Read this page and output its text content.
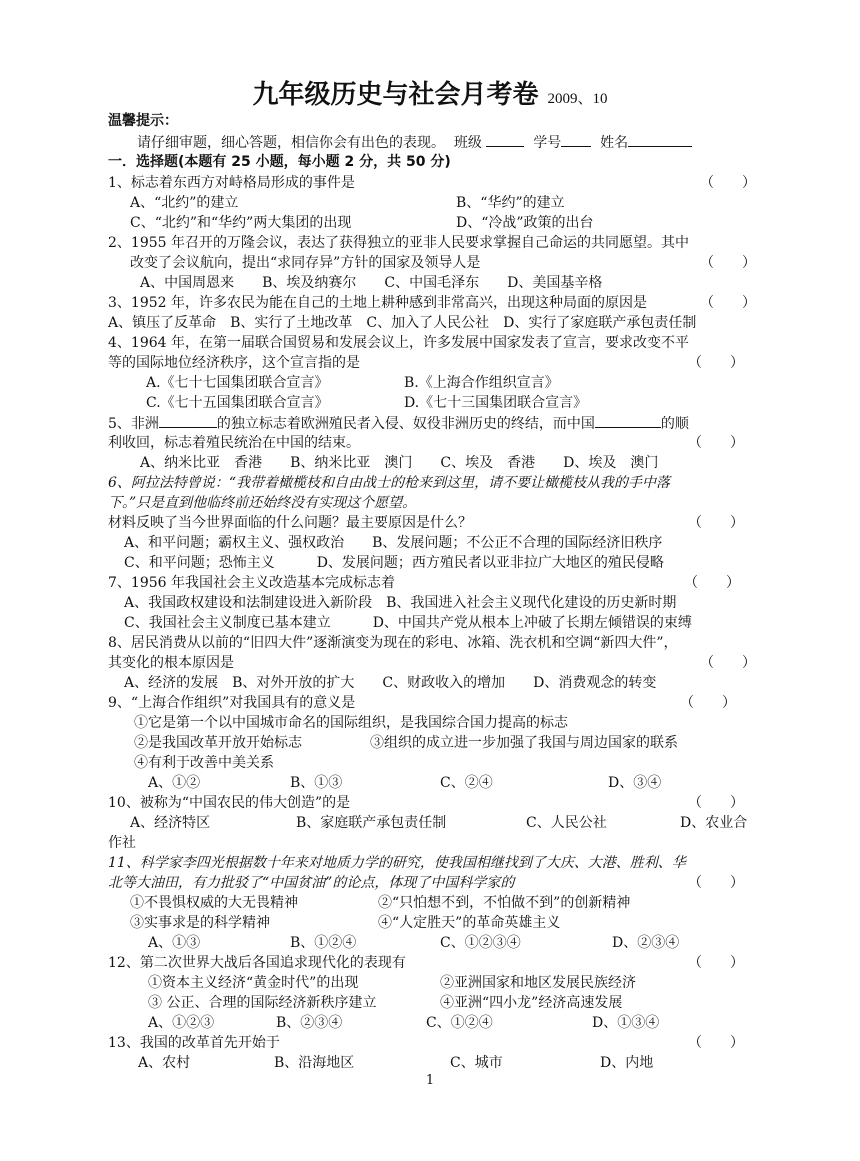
九年级历史与社会月考卷 2009、10
温馨提示：
请仔细审题，细心答题，相信你会有出色的表现。 班级	学号	姓名
一．选择题(本题有 25 小题，每小题 2 分，共 50 分)
1、标志着东西方对峙格局形成的事件是	（　　）
A、“北约”的建立	B、“华约”的建立
C、“北约”和“华约”两大集团的出现	D、“冷战”政策的出台
2、1955 年召开的万隆会议，表达了获得独立的亚非人民要求掌握自己命运的共同愿望。其中
改变了会议航向，提出“求同存异”方针的国家及领导人是	（　　）
A、中国周恩来　　B、埃及纳赛尔　　C、中国毛泽东　　D、美国基辛格
3、1952 年，许多农民为能在自己的土地上耕种感到非常高兴，出现这种局面的原因是	（　　）
A、镇压了反革命　B、实行了土地改革　C、加入了人民公社　D、实行了家庭联产承包责任制
4、1964 年，在第一届联合国贸易和发展会议上，许多发展中国家发表了宣言，要求改变不平
等的国际地位经济秩序，这个宣言指的是	（　　）
A.《七十七国集团联合宣言》	B.《上海合作组织宣言》
C.《七十五国集团联合宣言》	D.《七十三国集团联合宣言》
5、非洲	的独立标志着欧洲殖民者入侵、奴役非洲历史的终结，而中国	的顺
利收回，标志着殖民统治在中国的结束。	（　　）
A、纳米比亚　香港　　B、纳米比亚　澳门　　C、埃及　香港　　D、埃及　澳门
6、阿拉法特曾说：“我带着橄榄枝和自由战士的枪来到这里，请不要让橄榄枝从我的手中落
下。”只是直到他临终前还始终没有实现这个愿望。
材料反映了当今世界面临的什么问题？最主要原因是什么？	（　　）
A、和平问题；霸权主义、强权政治　　B、发展问题；不公正不合理的国际经济旧秩序
C、和平问题；恐怖主义　　　D、发展问题；西方殖民者以亚非拉广大地区的殖民侵略
7、1956 年我国社会主义改造基本完成标志着	（　　）
A、我国政权建设和法制建设进入新阶段　B、我国进入社会主义现代化建设的历史新时期
C、我国社会主义制度已基本建立　　　D、中国共产党从根本上冲破了长期左倾错误的束缚
8、居民消费从以前的“旧四大件”逐渐演变为现在的彩电、冰箱、洗衣机和空调“新四大件”，
其变化的根本原因是	（　　）
A、经济的发展　B、对外开放的扩大　　C、财政收入的增加　　D、消费观念的转变
9、“上海合作组织”对我国具有的意义是	（　　）
①它是第一个以中国城市命名的国际组织，是我国综合国力提高的标志
②是我国改革开放开始标志	③组织的成立进一步加强了我国与周边国家的联系
④有利于改善中美关系
A、①②	B、①③	C、②④	D、③④
10、被称为“中国农民的伟大创造”的是	（　　）
A、经济特区	B、家庭联产承包责任制	C、人民公社	D、农业合
作社
11、科学家李四光根据数十年来对地质力学的研究，使我国相继找到了大庆、大港、胜利、华
北等大油田，有力批驳了“中国贫油”的论点，体现了中国科学家的	（　　）
①不畏惧权威的大无畏精神	②“只怕想不到，不怕做不到”的创新精神
③实事求是的科学精神	④“人定胜天”的革命英雄主义
A、①③	B、①②④	C、①②③④	D、②③④
12、第二次世界大战后各国追求现代化的表现有	（　　）
①资本主义经济“黄金时代”的出现	②亚洲国家和地区发展民族经济
③ 公正、合理的国际经济新秩序建立	④亚洲“四小龙”经济高速发展
A、①②③	B、②③④	C、①②④	D、①③④
13、我国的改革首先开始于	（　　）
A、农村	B、沿海地区	C、城市	D、内地
1
